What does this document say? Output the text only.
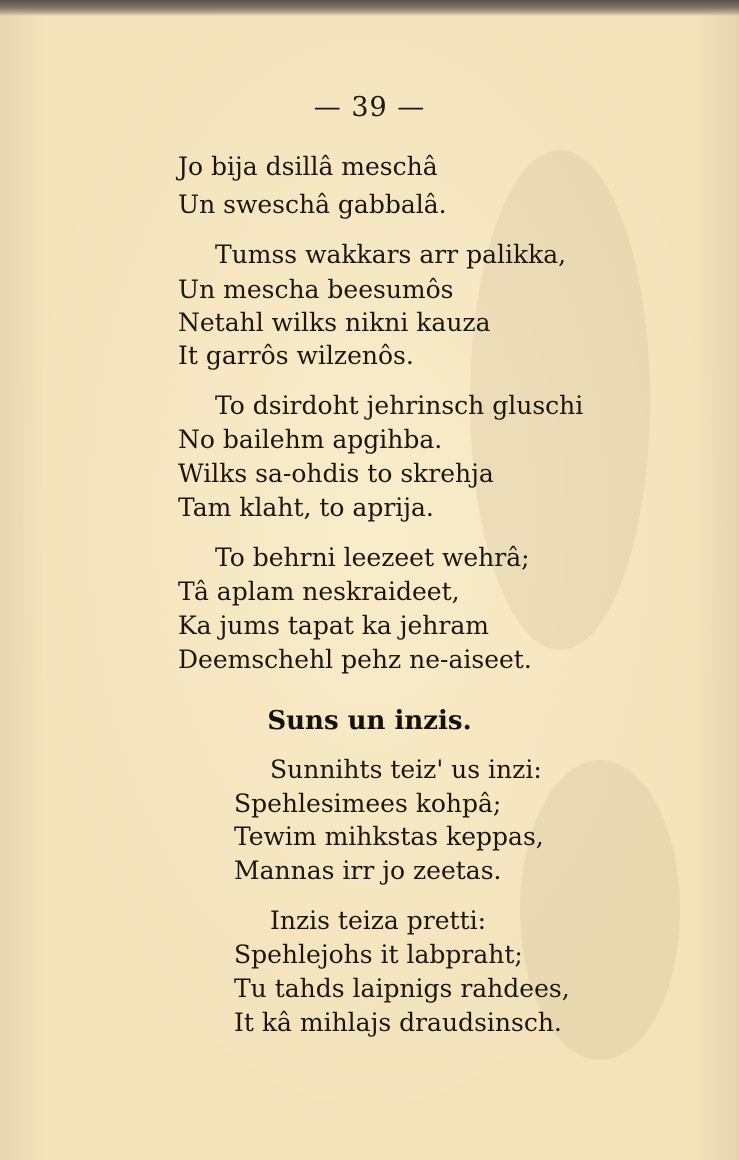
— 39 —
Jo bija dsillâ meschâ
Un sweschâ gabbalâ.
Tumss wakkars arr palikka,
Un mescha beesumôs
Netahl wilks nikni kauza
It garrôs wilzenôs.
To dsirdoht jehrinsch gluschi
No bailehm apgihba.
Wilks sa-ohdis to skrehja
Tam klaht, to aprija.
To behrni leezeet wehrâ;
Tâ aplam neskraideet,
Ka jums tapat ka jehram
Deemschehl pehz ne-aiseet.
Suns un inzis.
Sunnihts teiz' us inzi:
Spehlesimees kohpâ;
Tewim mihkstas keppas,
Mannas irr jo zeetas.
Inzis teiza pretti:
Spehlejohs it labpraht;
Tu tahds laipnigs rahdees,
It kâ mihlajs draudsinsch.
